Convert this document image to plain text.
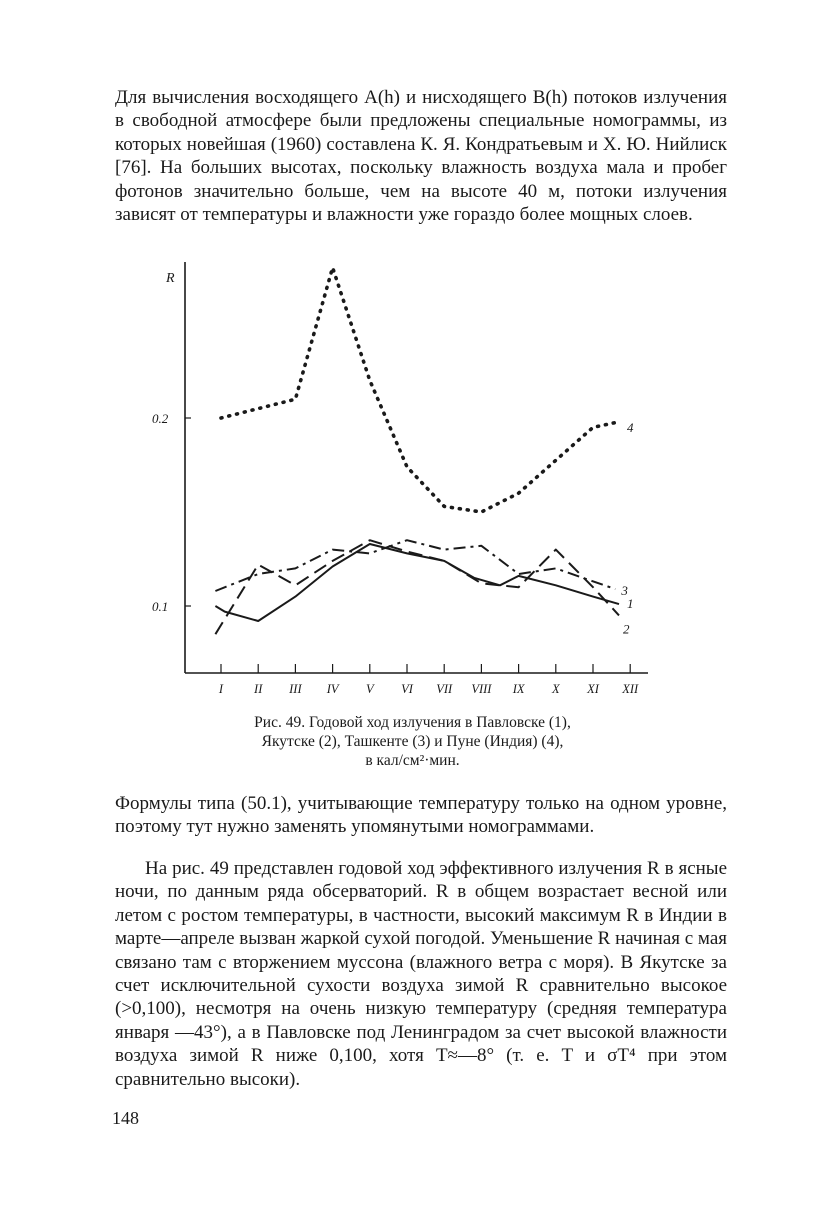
Для вычисления восходящего A(h) и нисходящего B(h) потоков излучения в свободной атмосфере были предложены специальные номограммы, из которых новейшая (1960) составлена К. Я. Кондратьевым и Х. Ю. Нийлиск [76]. На больших высотах, поскольку влажность воздуха мала и пробег фотонов значительно больше, чем на высоте 40 м, потоки излучения зависят от температуры и влажности уже гораздо более мощных слоев.

R
0.1
0.2
I II III IV V VI VII VIII IX X XI XII
1
2
3
4
Рис. 49. Годовой ход излучения в Павловске (1),
Якутске (2), Ташкенте (3) и Пуне (Индия) (4),
в кал/см²·мин.

Формулы типа (50.1), учитывающие температуру только на одном уровне, поэтому тут нужно заменять упомянутыми номограммами.

На рис. 49 представлен годовой ход эффективного излучения R в ясные ночи, по данным ряда обсерваторий. R в общем возрастает весной или летом с ростом температуры, в частности, высокий максимум R в Индии в марте—апреле вызван жаркой сухой погодой. Уменьшение R начиная с мая связано там с вторжением муссона (влажного ветра с моря). В Якутске за счет исключительной сухости воздуха зимой R сравнительно высокое (>0,100), несмотря на очень низкую температуру (средняя температура января —43°), а в Павловске под Ленинградом за счет высокой влажности воздуха зимой R ниже 0,100, хотя T≈—8° (т. е. T и σT⁴ при этом сравнительно высоки).

148
